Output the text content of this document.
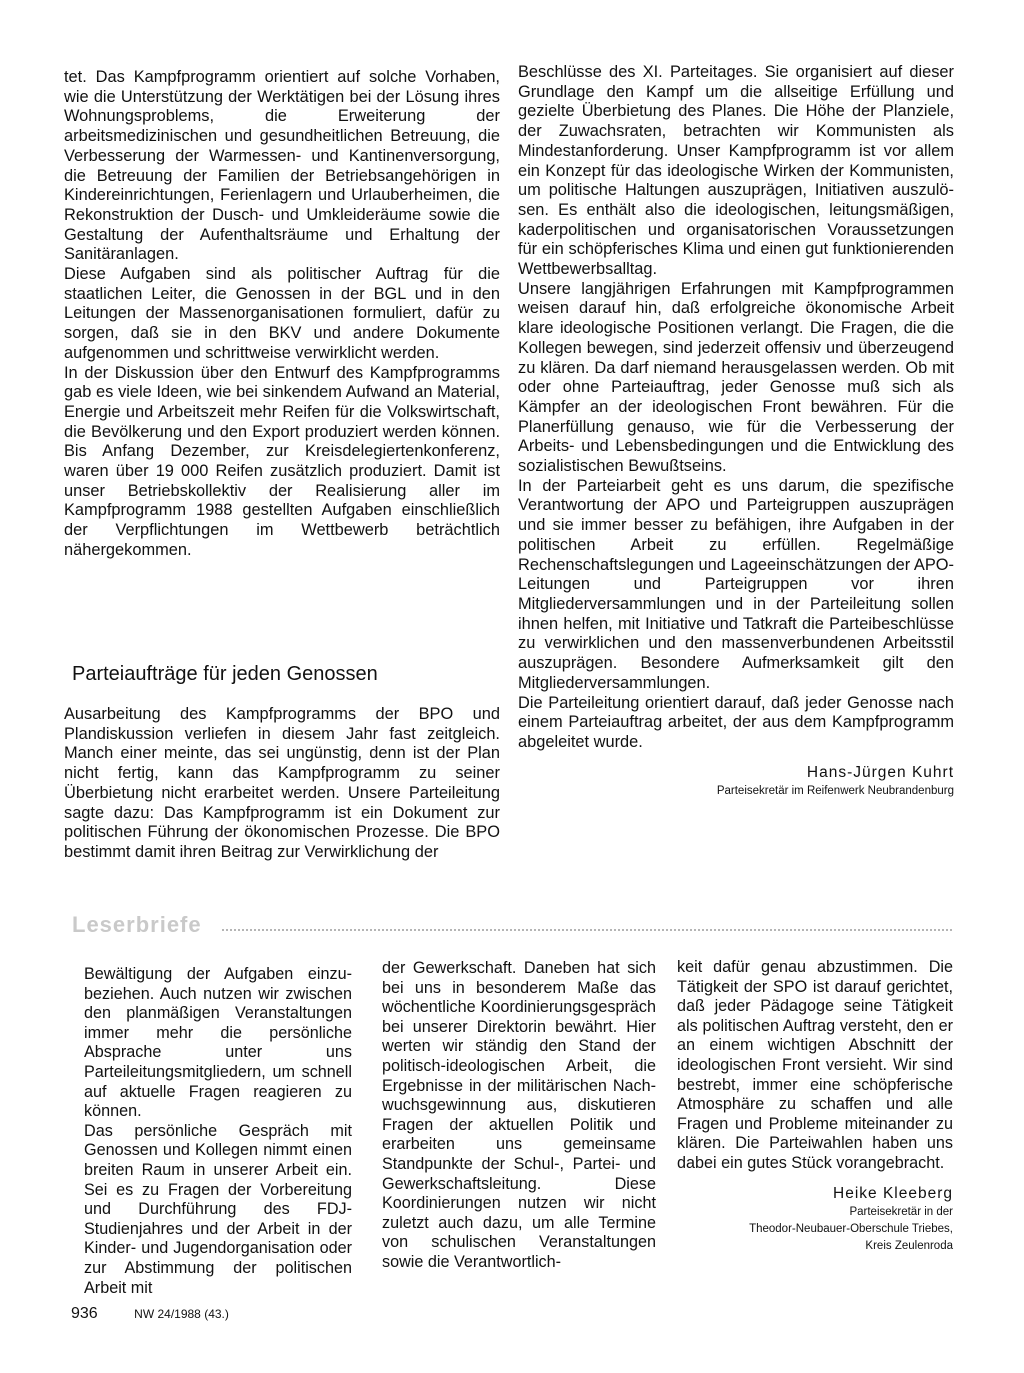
tet. Das Kampfprogramm orientiert auf solche Vorhaben, wie die Unterstützung der Werktätigen bei der Lösung ihres Wohnungsproblems, die Erweiterung der arbeitsmedizinischen und gesundheitlichen Betreuung, die Verbesserung der Warmessen- und Kantinenversorgung, die Betreuung der Familien der Betriebsangehörigen in Kindereinrichtungen, Ferienlagern und Urlauberheimen, die Rekonstruktion der Dusch- und Umkleideräume sowie die Gestaltung der Aufenthaltsräume und Erhaltung der Sanitäranlagen.

Diese Aufgaben sind als politischer Auftrag für die staatlichen Leiter, die Genossen in der BGL und in den Leitungen der Massenorganisationen formuliert, dafür zu sorgen, daß sie in den BKV und andere Dokumente aufgenommen und schrittweise verwirklicht werden.

In der Diskussion über den Entwurf des Kampfprogramms gab es viele Ideen, wie bei sinkendem Aufwand an Material, Energie und Arbeitszeit mehr Reifen für die Volkswirtschaft, die Bevölkerung und den Export produziert werden können. Bis Anfang Dezember, zur Kreisdelegiertenkonferenz, waren über 19 000 Reifen zusätzlich produziert. Damit ist unser Betriebskollektiv der Realisierung aller im Kampfprogramm 1988 gestellten Aufgaben einschließlich der Verpflichtungen im Wettbewerb beträchtlich nähergekommen.

Parteiaufträge für jeden Genossen

Ausarbeitung des Kampfprogramms der BPO und Plandiskussion verliefen in diesem Jahr fast zeitgleich. Manch einer meinte, das sei ungünstig, denn ist der Plan nicht fertig, kann das Kampfprogramm zu seiner Überbietung nicht erarbeitet werden. Unsere Parteileitung sagte dazu: Das Kampfprogramm ist ein Dokument zur politischen Führung der ökonomischen Prozesse. Die BPO bestimmt damit ihren Beitrag zur Verwirklichung der

Beschlüsse des XI. Parteitages. Sie organisiert auf dieser Grundlage den Kampf um die allseitige Erfüllung und gezielte Überbietung des Planes. Die Höhe der Planziele, der Zuwachsraten, betrachten wir Kommunisten als Mindestanforderung. Unser Kampfprogramm ist vor allem ein Konzept für das ideologische Wirken der Kommunisten, um politische Haltungen auszuprägen, Initiativen auszulösen. Es enthält also die ideologischen, leitungsmäßigen, kaderpolitischen und organisatorischen Voraussetzungen für ein schöpferisches Klima und einen gut funktionierenden Wettbewerbsalltag.

Unsere langjährigen Erfahrungen mit Kampfprogrammen weisen darauf hin, daß erfolgreiche ökonomische Arbeit klare ideologische Positionen verlangt. Die Fragen, die die Kollegen bewegen, sind jederzeit offensiv und überzeugend zu klären. Da darf niemand herausgelassen werden. Ob mit oder ohne Parteiauftrag, jeder Genosse muß sich als Kämpfer an der ideologischen Front bewähren. Für die Planerfüllung genauso, wie für die Verbesserung der Arbeits- und Lebensbedingungen und die Entwicklung des sozialistischen Bewußtseins.

In der Parteiarbeit geht es uns darum, die spezifische Verantwortung der APO und Parteigruppen auszuprägen und sie immer besser zu befähigen, ihre Aufgaben in der politischen Arbeit zu erfüllen. Regelmäßige Rechenschaftslegungen und Lageeinschätzungen der APO-Leitungen und Parteigruppen vor ihren Mitgliederversammlungen und in der Parteileitung sollen ihnen helfen, mit Initiative und Tatkraft die Parteibeschlüsse zu verwirklichen und den massenverbundenen Arbeitsstil auszuprägen. Besondere Aufmerksamkeit gilt den Mitgliederversammlungen.

Die Parteileitung orientiert darauf, daß jeder Genosse nach einem Parteiauftrag arbeitet, der aus dem Kampfprogramm abgeleitet wurde.

Hans-Jürgen Kuhrt
Parteisekretär im Reifenwerk Neubrandenburg
Leserbriefe

Bewältigung der Aufgaben einzubeziehen. Auch nutzen wir zwischen den planmäßigen Veranstaltungen immer mehr die persönliche Absprache unter uns Parteileitungsmitgliedern, um schnell auf aktuelle Fragen reagieren zu können.

Das persönliche Gespräch mit Genossen und Kollegen nimmt einen breiten Raum in unserer Arbeit ein. Sei es zu Fragen der Vorbereitung und Durchführung des FDJ-Studienjahres und der Arbeit in der Kinder- und Jugendorganisation oder zur Abstimmung der politischen Arbeit mit

der Gewerkschaft. Daneben hat sich bei uns in besonderem Maße das wöchentliche Koordinierungsgespräch bei unserer Direktorin bewährt. Hier werten wir ständig den Stand der politisch-ideologischen Arbeit, die Ergebnisse in der militärischen Nachwuchsgewinnung aus, diskutieren Fragen der aktuellen Politik und erarbeiten uns gemeinsame Standpunkte der Schul-, Partei- und Gewerkschaftsleitung. Diese Koordinierungen nutzen wir nicht zuletzt auch dazu, um alle Termine von schulischen Veranstaltungen sowie die Verantwortlich-

keit dafür genau abzustimmen. Die Tätigkeit der SPO ist darauf gerichtet, daß jeder Pädagoge seine Tätigkeit als politischen Auftrag versteht, den er an einem wichtigen Abschnitt der ideologischen Front versieht. Wir sind bestrebt, immer eine schöpferische Atmosphäre zu schaffen und alle Fragen und Probleme miteinander zu klären. Die Parteiwahlen haben uns dabei ein gutes Stück vorangebracht.

Heike Kleeberg
Parteisekretär in der
Theodor-Neubauer-Oberschule Triebes,
Kreis Zeulenroda
936	NW 24/1988 (43.)
